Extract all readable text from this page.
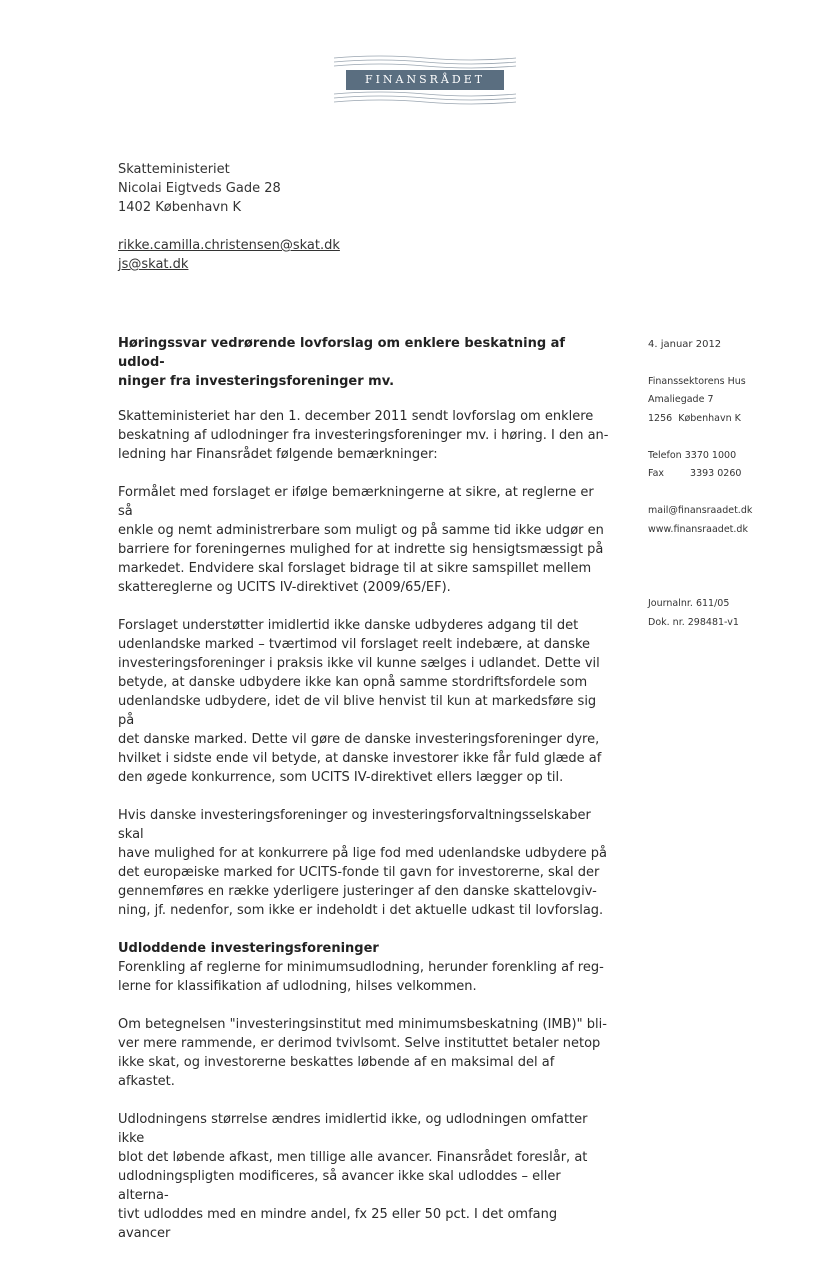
FINANSRÅDET
Skatteministeriet
Nicolai Eigtveds Gade 28
1402 København K
rikke.camilla.christensen@skat.dk
js@skat.dk
4. januar 2012
Finanssektorens Hus
Amaliegade 7
1256  København K
Telefon 3370 1000
Fax	3393 0260
mail@finansraadet.dk
www.finansraadet.dk
Journalnr. 611/05
Dok. nr. 298481-v1
Høringssvar vedrørende lovforslag om enklere beskatning af udlod-
ninger fra investeringsforeninger mv.

Skatteministeriet har den 1. december 2011 sendt lovforslag om enklere
beskatning af udlodninger fra investeringsforeninger mv. i høring. I den an-
ledning har Finansrådet følgende bemærkninger:

Formålet med forslaget er ifølge bemærkningerne at sikre, at reglerne er så
enkle og nemt administrerbare som muligt og på samme tid ikke udgør en
barriere for foreningernes mulighed for at indrette sig hensigtsmæssigt på
markedet. Endvidere skal forslaget bidrage til at sikre samspillet mellem
skattereglerne og UCITS IV-direktivet (2009/65/EF).

Forslaget understøtter imidlertid ikke danske udbyderes adgang til det
udenlandske marked – tværtimod vil forslaget reelt indebære, at danske
investeringsforeninger i praksis ikke vil kunne sælges i udlandet. Dette vil
betyde, at danske udbydere ikke kan opnå samme stordriftsfordele som
udenlandske udbydere, idet de vil blive henvist til kun at markedsføre sig på
det danske marked. Dette vil gøre de danske investeringsforeninger dyre,
hvilket i sidste ende vil betyde, at danske investorer ikke får fuld glæde af
den øgede konkurrence, som UCITS IV-direktivet ellers lægger op til.

Hvis danske investeringsforeninger og investeringsforvaltningsselskaber skal
have mulighed for at konkurrere på lige fod med udenlandske udbydere på
det europæiske marked for UCITS-fonde til gavn for investorerne, skal der
gennemføres en række yderligere justeringer af den danske skattelovgiv-
ning, jf. nedenfor, som ikke er indeholdt i det aktuelle udkast til lovforslag.

Udloddende investeringsforeninger

Forenkling af reglerne for minimumsudlodning, herunder forenkling af reg-
lerne for klassifikation af udlodning, hilses velkommen.

Om betegnelsen "investeringsinstitut med minimumsbeskatning (IMB)" bli-
ver mere rammende, er derimod tvivlsomt. Selve instituttet betaler netop
ikke skat, og investorerne beskattes løbende af en maksimal del af afkastet.

Udlodningens størrelse ændres imidlertid ikke, og udlodningen omfatter ikke
blot det løbende afkast, men tillige alle avancer. Finansrådet foreslår, at
udlodningspligten modificeres, så avancer ikke skal udloddes – eller alterna-
tivt udloddes med en mindre andel, fx 25 eller 50 pct. I det omfang avancer
